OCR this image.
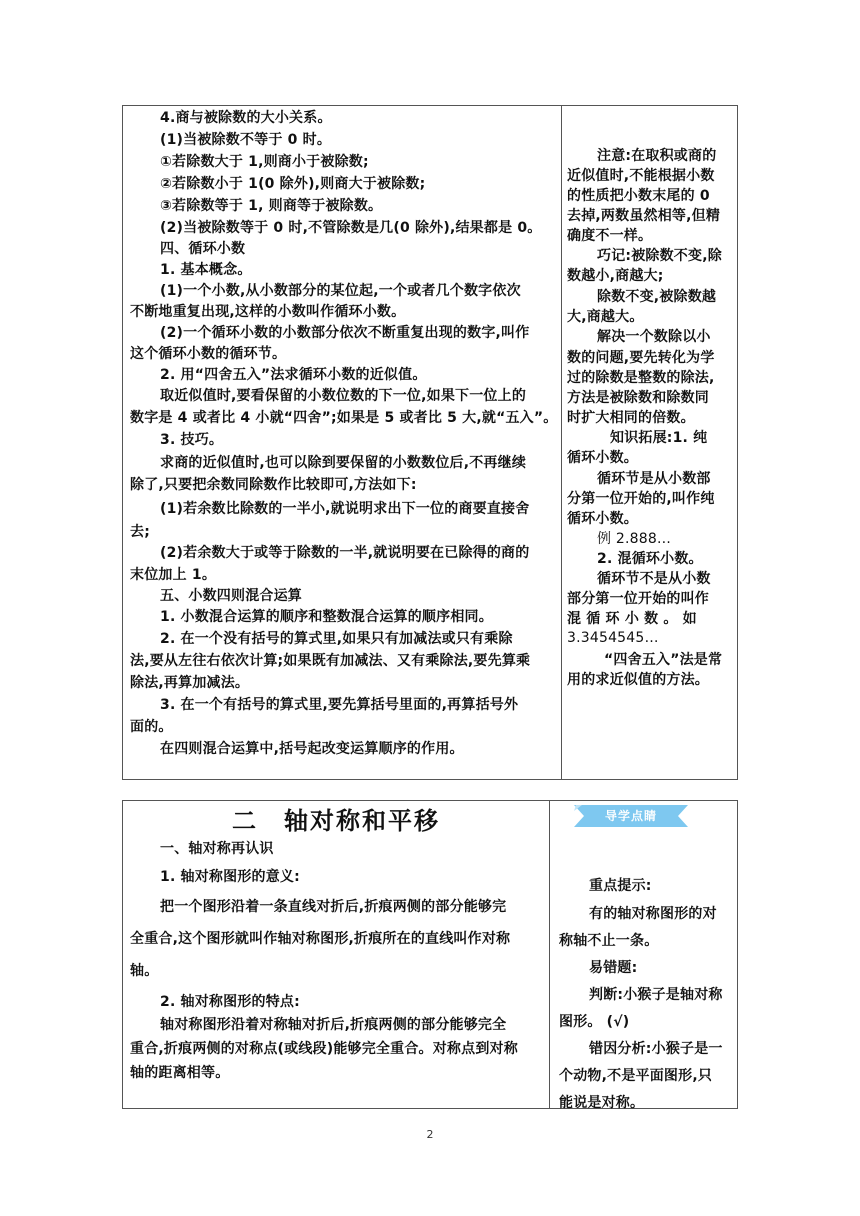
4.商与被除数的大小关系。
(1)当被除数不等于 0 时。
①若除数大于 1,则商小于被除数;
②若除数小于 1(0 除外),则商大于被除数;
③若除数等于 1, 则商等于被除数。
(2)当被除数等于 0 时,不管除数是几(0 除外),结果都是 0。
四、循环小数
1. 基本概念。
(1)一个小数,从小数部分的某位起,一个或者几个数字依次
不断地重复出现,这样的小数叫作循环小数。
(2)一个循环小数的小数部分依次不断重复出现的数字,叫作
这个循环小数的循环节。
2. 用“四舍五入”法求循环小数的近似值。
取近似值时,要看保留的小数位数的下一位,如果下一位上的
数字是 4 或者比 4 小就“四舍”;如果是 5 或者比 5 大,就“五入”。
3. 技巧。
求商的近似值时,也可以除到要保留的小数数位后,不再继续
除了,只要把余数同除数作比较即可,方法如下:
(1)若余数比除数的一半小,就说明求出下一位的商要直接舍
去;
(2)若余数大于或等于除数的一半,就说明要在已除得的商的
末位加上 1。
五、小数四则混合运算
1. 小数混合运算的顺序和整数混合运算的顺序相同。
2. 在一个没有括号的算式里,如果只有加减法或只有乘除
法,要从左往右依次计算;如果既有加减法、又有乘除法,要先算乘
除法,再算加减法。
3. 在一个有括号的算式里,要先算括号里面的,再算括号外
面的。
在四则混合运算中,括号起改变运算顺序的作用。
注意:在取积或商的
近似值时,不能根据小数
的性质把小数末尾的 0
去掉,两数虽然相等,但精
确度不一样。
巧记:被除数不变,除
数越小,商越大;
除数不变,被除数越
大,商越大。
解决一个数除以小
数的问题,要先转化为学
过的除数是整数的除法,
方法是被除数和除数同
时扩大相同的倍数。
知识拓展:1. 纯
循环小数。
循环节是从小数部
分第一位开始的,叫作纯
循环小数。
例 2.888…
2. 混循环小数。
循环节不是从小数
部分第一位开始的叫作
混 循 环 小 数 。 如
3.3454545…
“四舍五入”法是常
用的求近似值的方法。
二　轴对称和平移	导学点睛
一、轴对称再认识
1. 轴对称图形的意义:
把一个图形沿着一条直线对折后,折痕两侧的部分能够完
全重合,这个图形就叫作轴对称图形,折痕所在的直线叫作对称
轴。
2. 轴对称图形的特点:
轴对称图形沿着对称轴对折后,折痕两侧的部分能够完全
重合,折痕两侧的对称点(或线段)能够完全重合。对称点到对称
轴的距离相等。
重点提示:
有的轴对称图形的对
称轴不止一条。
易错题:
判断:小猴子是轴对称
图形。 (√)
错因分析:小猴子是一
个动物,不是平面图形,只
能说是对称。
2
